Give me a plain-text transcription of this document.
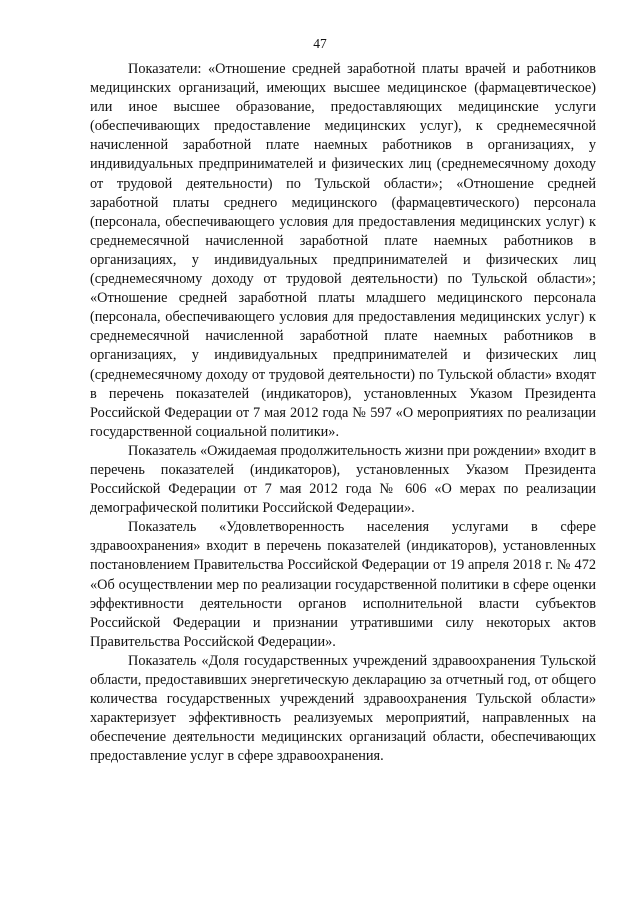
47

Показатели: «Отношение средней заработной платы врачей и работников медицинских организаций, имеющих высшее медицинское (фармацевтическое) или иное высшее образование, предоставляющих медицинские услуги (обеспечивающих предоставление медицинских услуг), к среднемесячной начисленной заработной плате наемных работников в организациях, у индивидуальных предпринимателей и физических лиц (среднемесячному доходу от трудовой деятельности) по Тульской области»; «Отношение средней заработной платы среднего медицинского (фармацевтического) персонала (персонала, обеспечивающего условия для предоставления медицинских услуг) к среднемесячной начисленной заработной плате наемных работников в организациях, у индивидуальных предпринимателей и физических лиц (среднемесячному доходу от трудовой деятельности) по Тульской области»; «Отношение средней заработной платы младшего медицинского персонала (персонала, обеспечивающего условия для предоставления медицинских услуг) к среднемесячной начисленной заработной плате наемных работников в организациях, у индивидуальных предпринимателей и физических лиц (среднемесячному доходу от трудовой деятельности) по Тульской области» входят в перечень показателей (индикаторов), установленных Указом Президента Российской Федерации от 7 мая 2012 года № 597 «О мероприятиях по реализации государственной социальной политики».

Показатель «Ожидаемая продолжительность жизни при рождении» входит в перечень показателей (индикаторов), установленных Указом Президента Российской Федерации от 7 мая 2012 года № 606 «О мерах по реализации демографической политики Российской Федерации».

Показатель «Удовлетворенность населения услугами в сфере здравоохранения» входит в перечень показателей (индикаторов), установленных постановлением Правительства Российской Федерации от 19 апреля 2018 г. № 472 «Об осуществлении мер по реализации государственной политики в сфере оценки эффективности деятельности органов исполнительной власти субъектов Российской Федерации и признании утратившими силу некоторых актов Правительства Российской Федерации».

Показатель «Доля государственных учреждений здравоохранения Тульской области, предоставивших энергетическую декларацию за отчетный год, от общего количества государственных учреждений здравоохранения Тульской области» характеризует эффективность реализуемых мероприятий, направленных на обеспечение деятельности медицинских организаций области, обеспечивающих предоставление услуг в сфере здравоохранения.
